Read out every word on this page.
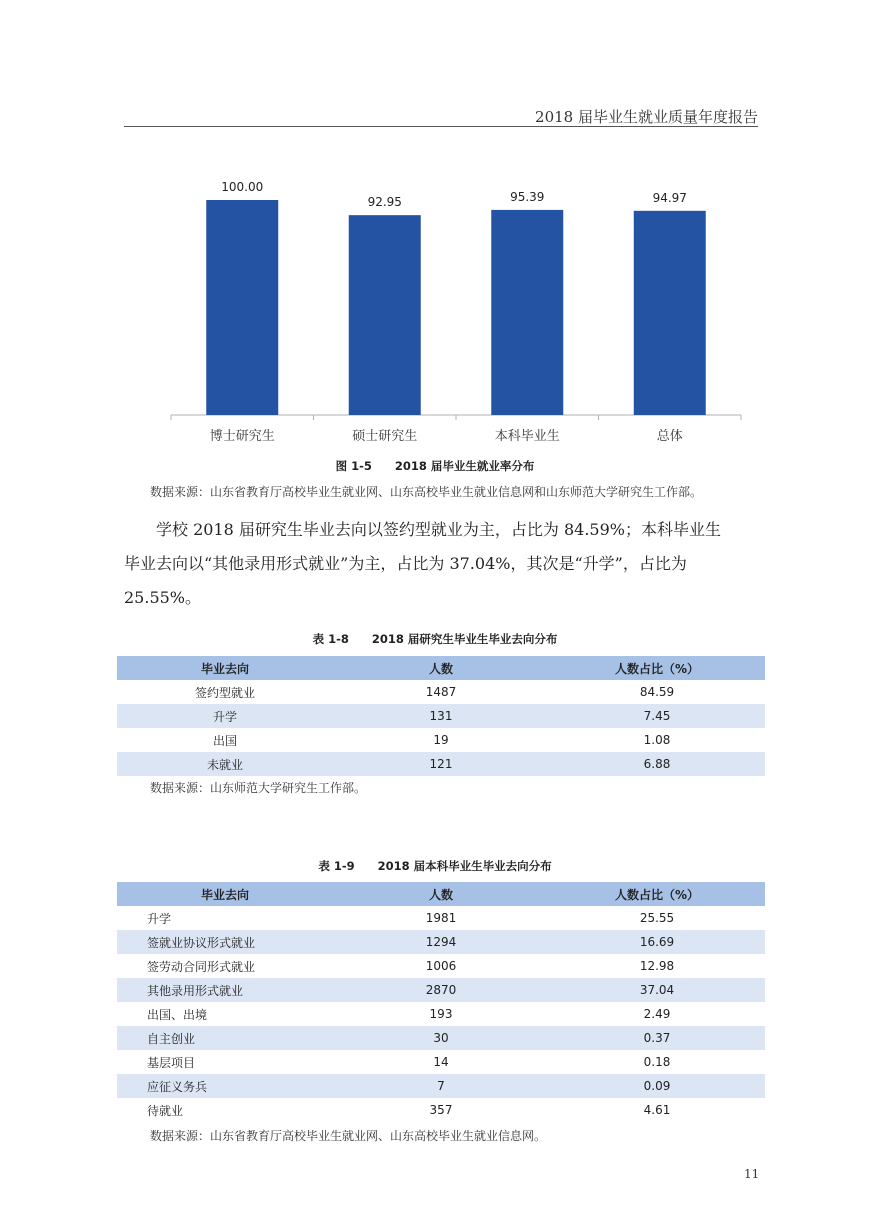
2018 届毕业生就业质量年度报告
100.00
博士研究生
92.95
硕士研究生
95.39
本科毕业生
94.97
总体
图 1-5　　2018 届毕业生就业率分布
数据来源：山东省教育厅高校毕业生就业网、山东高校毕业生就业信息网和山东师范大学研究生工作部。
学校 2018 届研究生毕业去向以签约型就业为主，占比为 84.59%；本科毕业生
毕业去向以“其他录用形式就业”为主，占比为 37.04%，其次是“升学”，占比为
25.55%。
表 1-8　　2018 届研究生毕业生毕业去向分布
毕业去向	人数	人数占比（%）
签约型就业	1487	84.59
升学	131	7.45
出国	19	1.08
未就业	121	6.88
数据来源：山东师范大学研究生工作部。
表 1-9　　2018 届本科毕业生毕业去向分布
毕业去向	人数	人数占比（%）
升学	1981	25.55
签就业协议形式就业	1294	16.69
签劳动合同形式就业	1006	12.98
其他录用形式就业	2870	37.04
出国、出境	193	2.49
自主创业	30	0.37
基层项目	14	0.18
应征义务兵	7	0.09
待就业	357	4.61
数据来源：山东省教育厅高校毕业生就业网、山东高校毕业生就业信息网。
11
